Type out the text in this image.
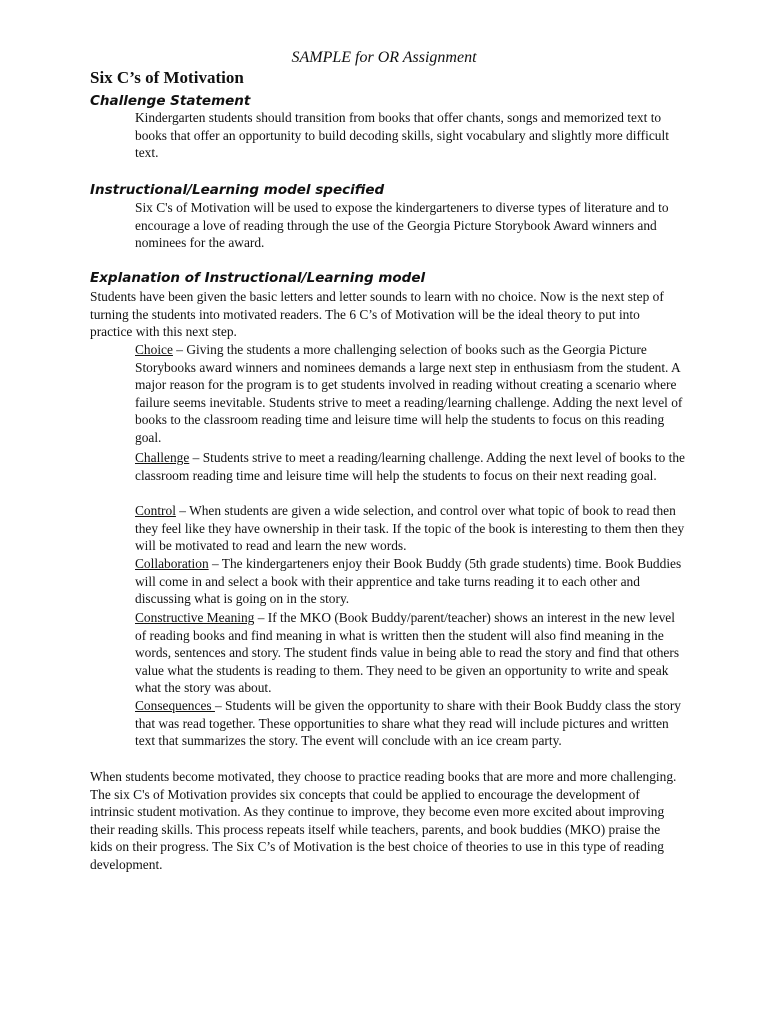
SAMPLE for OR Assignment
Six C’s of Motivation
Challenge Statement

Kindergarten students should transition from books that offer chants, songs and memorized text to books that offer an opportunity to build decoding skills, sight vocabulary and slightly more difficult text.

Instructional/Learning model specified

Six C's of Motivation will be used to expose the kindergarteners to diverse types of literature and to encourage a love of reading through the use of the Georgia Picture Storybook Award winners and nominees for the award.

Explanation of Instructional/Learning model

Students have been given the basic letters and letter sounds to learn with no choice. Now is the next step of turning the students into motivated readers. The 6 C’s of Motivation will be the ideal theory to put into practice with this next step.

Choice – Giving the students a more challenging selection of books such as the Georgia Picture Storybooks award winners and nominees demands a large next step in enthusiasm from the student. A major reason for the program is to get students involved in reading without creating a scenario where failure seems inevitable. Students strive to meet a reading/learning challenge. Adding the next level of books to the classroom reading time and leisure time will help the students to focus on this reading goal.

Challenge – Students strive to meet a reading/learning challenge. Adding the next level of books to the classroom reading time and leisure time will help the students to focus on their next reading goal.

Control – When students are given a wide selection, and control over what topic of book to read then they feel like they have ownership in their task. If the topic of the book is interesting to them then they will be motivated to read and learn the new words.

Collaboration – The kindergarteners enjoy their Book Buddy (5th grade students) time. Book Buddies will come in and select a book with their apprentice and take turns reading it to each other and discussing what is going on in the story.

Constructive Meaning – If the MKO (Book Buddy/parent/teacher) shows an interest in the new level of reading books and find meaning in what is written then the student will also find meaning in the words, sentences and story. The student finds value in being able to read the story and find that others value what the students is reading to them. They need to be given an opportunity to write and speak what the story was about.

Consequences – Students will be given the opportunity to share with their Book Buddy class the story that was read together. These opportunities to share what they read will include pictures and written text that summarizes the story. The event will conclude with an ice cream party.

When students become motivated, they choose to practice reading books that are more and more challenging. The six C's of Motivation provides six concepts that could be applied to encourage the development of intrinsic student motivation. As they continue to improve, they become even more excited about improving their reading skills. This process repeats itself while teachers, parents, and book buddies (MKO) praise the kids on their progress. The Six C’s of Motivation is the best choice of theories to use in this type of reading development.
